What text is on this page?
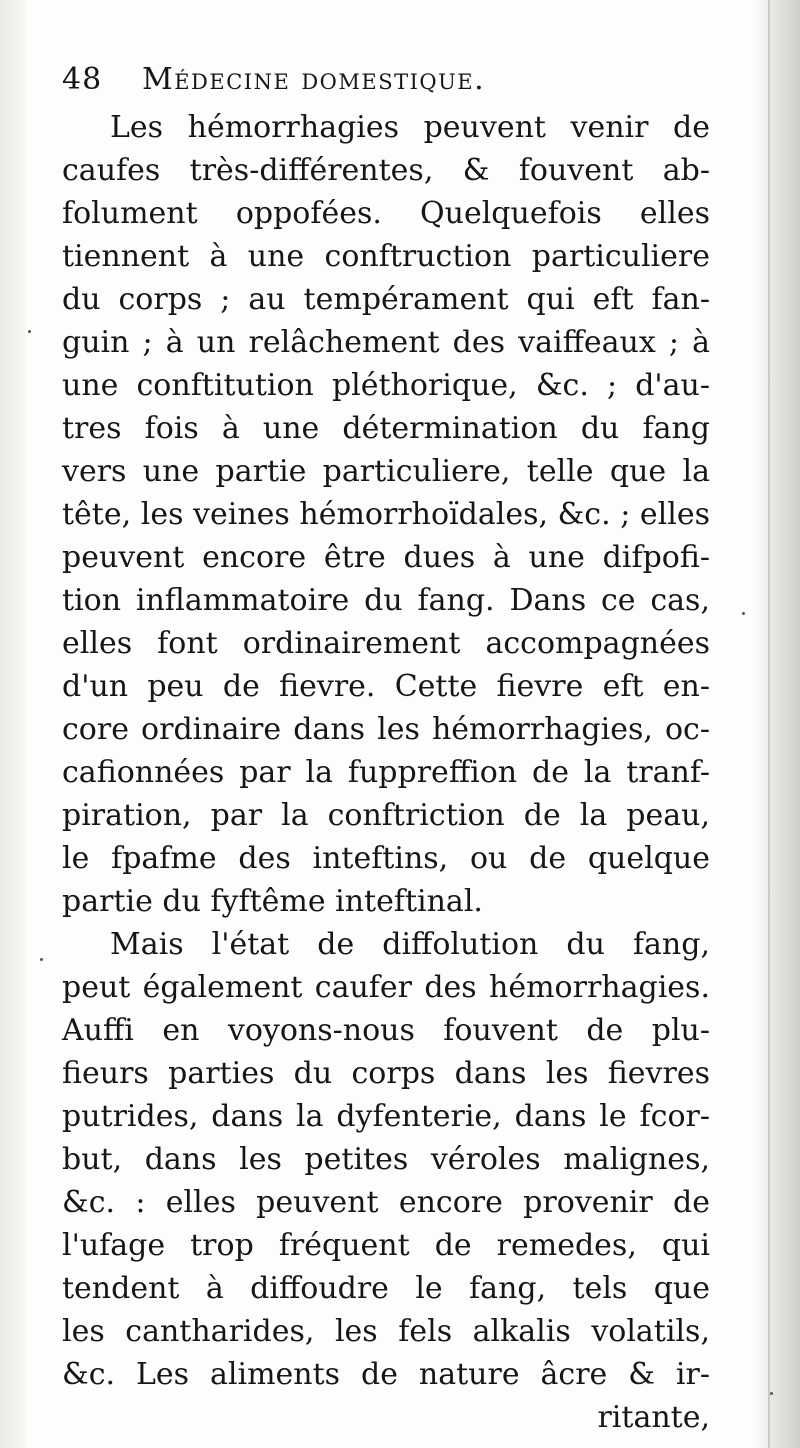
48	Médecine domestique.
Les hémorrhagies peuvent venir de
caufes très-différentes, & fouvent ab-
folument oppofées. Quelquefois elles
tiennent à une conftruction particuliere
du corps ; au tempérament qui eft fan-
guin ; à un relâchement des vaiffeaux ; à
une conftitution pléthorique, &c. ; d'au-
tres fois à une détermination du fang
vers une partie particuliere, telle que la
tête, les veines hémorrhoïdales, &c. ; elles
peuvent encore être dues à une difpofi-
tion inflammatoire du fang. Dans ce cas,
elles font ordinairement accompagnées
d'un peu de fievre. Cette fievre eft en-
core ordinaire dans les hémorrhagies, oc-
cafionnées par la fuppreffion de la tranf-
piration, par la conftriction de la peau,
le fpafme des inteftins, ou de quelque
partie du fyftême inteftinal.
Mais l'état de diffolution du fang,
peut également caufer des hémorrhagies.
Auffi en voyons-nous fouvent de plu-
fieurs parties du corps dans les fievres
putrides, dans la dyfenterie, dans le fcor-
but, dans les petites véroles malignes,
&c. : elles peuvent encore provenir de
l'ufage trop fréquent de remedes, qui
tendent à diffoudre le fang, tels que
les cantharides, les fels alkalis volatils,
&c. Les aliments de nature âcre & ir-
ritante,
